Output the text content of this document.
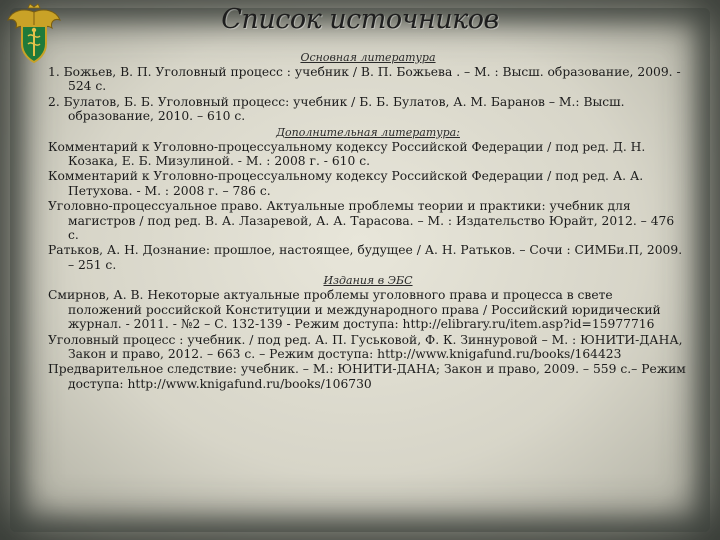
Список источников
Основная литература
1. Божьев, В. П. Уголовный процесс : учебник / В. П. Божьева . – М. : Высш. образование, 2009. - 524 с.
2. Булатов, Б. Б. Уголовный процесс: учебник / Б. Б. Булатов, А. М. Баранов – М.: Высш. образование, 2010. – 610 с.
Дополнительная литература:
Комментарий к Уголовно-процессуальному кодексу Российской Федерации / под ред. Д. Н. Козака, Е. Б. Мизулиной. - М. : 2008 г. - 610 с.
Комментарий к Уголовно-процессуальному кодексу Российской Федерации / под ред. А. А. Петухова. - М. : 2008 г. – 786 с.
Уголовно-процессуальное право. Актуальные проблемы теории и практики: учебник для магистров / под ред. В. А. Лазаревой, А. А. Тарасова. – М. : Издательство Юрайт, 2012. – 476 с.
Ратьков, А. Н. Дознание: прошлое, настоящее, будущее / А. Н. Ратьков. – Сочи : СИМБи.П, 2009. – 251 с.
Издания в ЭБС
Смирнов, А. В. Некоторые актуальные проблемы уголовного права и процесса в свете положений российской Конституции и международного права / Российский юридический журнал. - 2011. - №2 – С. 132-139 - Режим доступа: http://elibrary.ru/item.asp?id=15977716
Уголовный процесс : учебник. / под ред. А. П. Гуськовой, Ф. К. Зиннуровой – М. : ЮНИТИ-ДАНА, Закон и право, 2012. – 663 с. – Режим доступа: http://www.knigafund.ru/books/164423
Предварительное следствие: учебник. – М.: ЮНИТИ-ДАНА; Закон и право, 2009. – 559 с.– Режим доступа: http://www.knigafund.ru/books/106730
